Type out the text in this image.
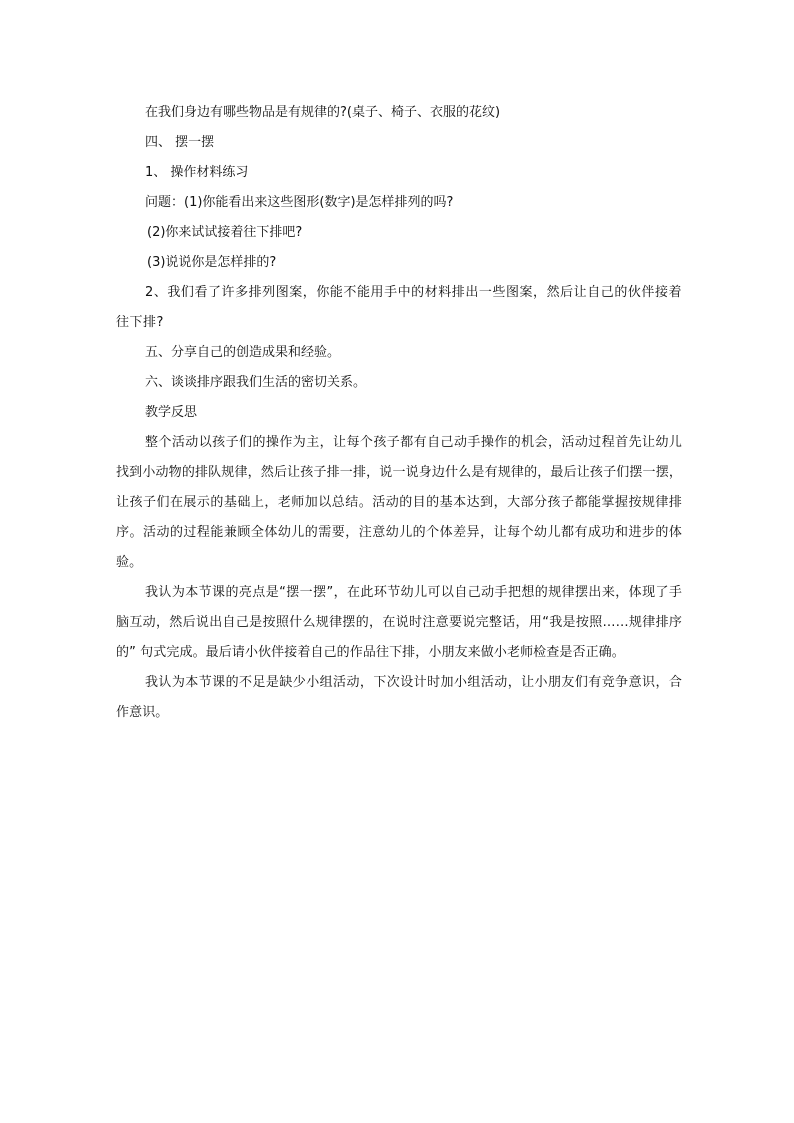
在我们身边有哪些物品是有规律的?(桌子、椅子、衣服的花纹)

四、 摆一摆

1、 操作材料练习

问题：(1)你能看出来这些图形(数字)是怎样排列的吗?

(2)你来试试接着往下排吧?

(3)说说你是怎样排的?

2、我们看了许多排列图案，你能不能用手中的材料排出一些图案，然后让自己的伙伴接着往下排?

五、分享自己的创造成果和经验。

六、谈谈排序跟我们生活的密切关系。

教学反思

整个活动以孩子们的操作为主，让每个孩子都有自己动手操作的机会，活动过程首先让幼儿找到小动物的排队规律，然后让孩子排一排，说一说身边什么是有规律的，最后让孩子们摆一摆，让孩子们在展示的基础上，老师加以总结。活动的目的基本达到，大部分孩子都能掌握按规律排序。活动的过程能兼顾全体幼儿的需要，注意幼儿的个体差异，让每个幼儿都有成功和进步的体验。

我认为本节课的亮点是“摆一摆”，在此环节幼儿可以自己动手把想的规律摆出来，体现了手脑互动，然后说出自己是按照什么规律摆的，在说时注意要说完整话，用“我是按照……规律排序的” 句式完成。最后请小伙伴接着自己的作品往下排，小朋友来做小老师检查是否正确。

我认为本节课的不足是缺少小组活动，下次设计时加小组活动，让小朋友们有竞争意识，合作意识。
